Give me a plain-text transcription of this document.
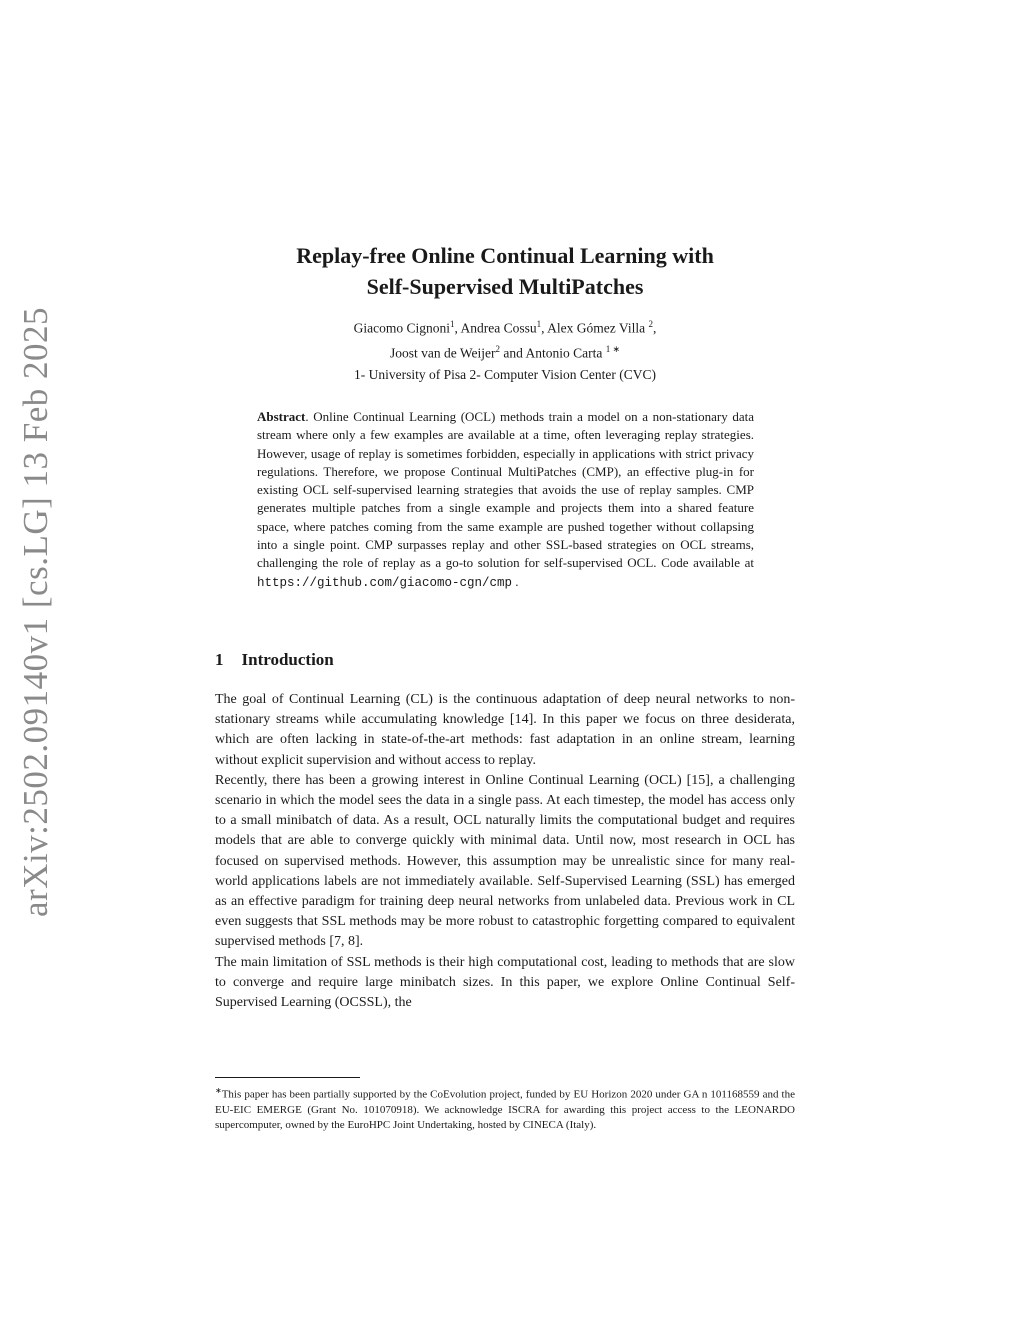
arXiv:2502.09140v1 [cs.LG] 13 Feb 2025
Replay-free Online Continual Learning with
Self-Supervised MultiPatches
Giacomo Cignoni$^1$, Andrea Cossu$^1$, Alex Gómez Villa $^2$,
Joost van de Weijer$^2$ and Antonio Carta $^{1 ∗}$
1- University of Pisa 2- Computer Vision Center (CVC)
Abstract. Online Continual Learning (OCL) methods train a model on a non-stationary data stream where only a few examples are available at a time, often leveraging replay strategies. However, usage of replay is sometimes forbidden, especially in applications with strict privacy regulations. Therefore, we propose Continual MultiPatches (CMP), an effective plug-in for existing OCL self-supervised learning strategies that avoids the use of replay samples. CMP generates multiple patches from a single example and projects them into a shared feature space, where patches coming from the same example are pushed together without collapsing into a single point. CMP surpasses replay and other SSL-based strategies on OCL streams, challenging the role of replay as a go-to solution for self-supervised OCL. Code available at https://github.com/giacomo-cgn/cmp .
1 Introduction

The goal of Continual Learning (CL) is the continuous adaptation of deep neural networks to non-stationary streams while accumulating knowledge [14]. In this paper we focus on three desiderata, which are often lacking in state-of-the-art methods: fast adaptation in an online stream, learning without explicit supervision and without access to replay.

Recently, there has been a growing interest in Online Continual Learning (OCL) [15], a challenging scenario in which the model sees the data in a single pass. At each timestep, the model has access only to a small minibatch of data. As a result, OCL naturally limits the computational budget and requires models that are able to converge quickly with minimal data. Until now, most research in OCL has focused on supervised methods. However, this assumption may be unrealistic since for many real-world applications labels are not immediately available. Self-Supervised Learning (SSL) has emerged as an effective paradigm for training deep neural networks from unlabeled data. Previous work in CL even suggests that SSL methods may be more robust to catastrophic forgetting compared to equivalent supervised methods [7, 8].

The main limitation of SSL methods is their high computational cost, leading to methods that are slow to converge and require large minibatch sizes. In this paper, we explore Online Continual Self-Supervised Learning (OCSSL), the

∗This paper has been partially supported by the CoEvolution project, funded by EU Horizon 2020 under GA n 101168559 and the EU-EIC EMERGE (Grant No. 101070918). We acknowledge ISCRA for awarding this project access to the LEONARDO supercomputer, owned by the EuroHPC Joint Undertaking, hosted by CINECA (Italy).
